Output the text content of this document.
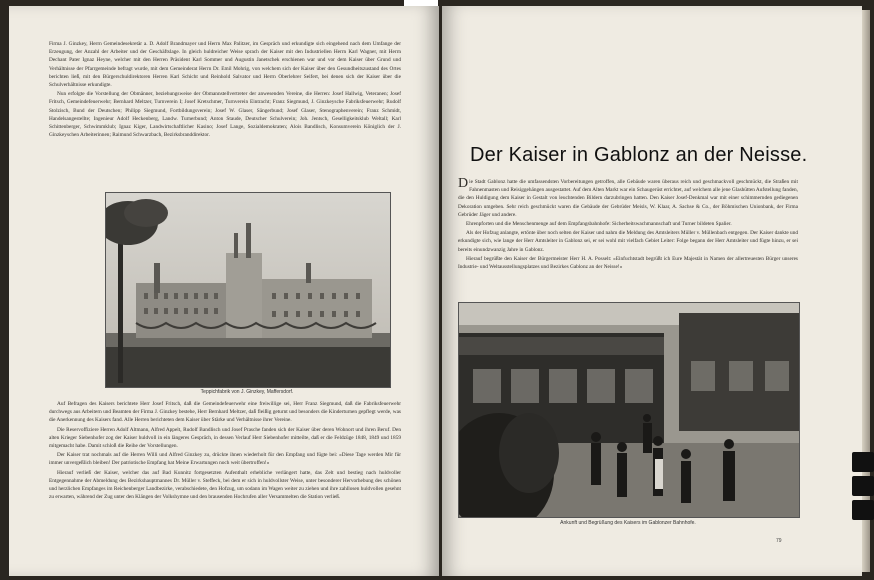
Firma J. Ginzkey, Herrn Gemeindesekretär a. D. Adolf Brandmayer und Herrn Max Palitzer, im Gespräch und erkundigte sich eingehend nach dem Umfange der Erzeugung, der Anzahl der Arbeiter und der Geschäftslage. In gleich huldreicher Weise sprach der Kaiser mit den Industriellen Herrn Karl Wagner, mit Herrn Dechant Pater Ignaz Heyne, welcher mit den Herren Präsident Karl Sommer und Augustin Janetschek erschienen war und vor dem Kaiser über Grund und Verhältnisse der Pfarrgemeinde befragt wurde, mit dem Gemeinderat Herrn Dr. Emil Mohrig, von welchem sich der Kaiser über den Gesundheitszustand des Ortes berichten ließ, mit den Bürgerschuldirektoren Herren Karl Schicht und Reinhold Salvator und Herrn Oberlehrer Seifert, bei denen sich der Kaiser über die Schulverhältnisse erkundigte.

Nun erfolgte die Vorstellung der Obmänner, beziehungsweise der Obmannstellvertreter der anwesenden Vereine, die Herren: Josef Hallwig, Veteranen; Josef Fritsch, Gemeindefeuerwehr; Bernhard Meltzer, Turnverein I; Josef Kretschmer, Turnverein Eintracht; Franz Siegmund, J. Ginzkeysche Fabriksfeuerwehr; Rudolf Stolzisch, Bund der Deutschen; Philipp Siegmund, Fortbildungsverein; Josef W. Glaser, Sängerbund; Josef Glaser, Stenographenverein; Franz Schmidt, Handelsangestellte; Ingenieur Adolf Heckenberg, Landw. Turnerbund; Anton Staude, Deutscher Schulverein; Joh. Jentsch, Geselligkeitsklub Weltall; Karl Schittenberger, Schwimmklub; Ignaz Kiger, Landwirtschaftlicher Kasino; Josef Lange, Sozialdemokraten; Alois Bandlisch, Konsumverein Königlich der J. Ginzkeyschen Arbeiterinnen; Raimund Schwarzbach, Bezirksbranddirektor.

Teppichfabrik von J. Ginzkey, Maffersdorf.

Auf Befragen des Kaisers berichtete Herr Josef Fritsch, daß die Gemeindefeuerwehr eine freiwillige sei, Herr Franz Siegmund, daß die Fabriksfeuerwehr durchwegs aus Arbeitern und Beamten der Firma J. Ginzkey bestehe, Herr Bernhard Meltzer, daß fleißig geturnt und besonders die Kinderturnen gepflegt werde, was die Anerkennung des Kaisers fand. Alle Herren berichteten dem Kaiser über Stärke und Verhältnisse ihrer Vereine.

Die Reservoffiziere Herren Adolf Altmann, Alfred Appelt, Rudolf Bandlisch und Josef Prasche fanden sich der Kaiser über deren Wohnort und ihren Beruf. Den alten Krieger Siebenhofer zog der Kaiser huldvoll in ein längeres Gespräch, in dessen Verlauf Herr Siebenhofer mitteilte, daß er die Feldzüge 1848, 1849 und 1859 mitgemacht habe. Damit schloß die Reihe der Vorstellungen.

Der Kaiser trat nochmals auf die Herren Willi und Alfred Ginzkey zu, drückte ihnen wiederholt für den Empfang und fügte bei: »Diese Tage werden Mir für immer unvergeßlich bleiben! Der patriotische Empfang hat Meine Erwartungen noch weit übertroffen!«

Hierauf verließ der Kaiser, welcher das auf Bad Kunnitz fortgesetzten Aufenthalt erhebliche verlängert hatte, das Zelt und bestieg nach huldvoller Entgegennahme der Abmeldung des Bezirkshauptmannes Dr. Müller v. Steffeck, bei dem er sich in huldvollster Weise, unter besonderer Hervorhebung des schönen und herzlichen Empfanges im Reichenberger Landbezirke, verabschiedete, den Hofzug, um sodann im Wagen weiter zu ziehen und ihre zahllosen huldvollen gesehnt zu erwarten, während der Zug unter den Klängen der Volkshymne und den brausenden Hochrufen aller Versammelten die Station verließ.

Der Kaiser in Gablonz an der Neisse.

Die Stadt Gablonz hatte die umfassendsten Vorbereitungen getroffen, alle Gebäude waren überaus reich und geschmackvoll geschmückt, die Straßen mit Fahnenmasten und Reisiggehängen ausgestattet. Auf dem Alten Markt war ein Schaugerüst errichtet, auf welchem alle jene Glashütten Aufstellung fanden, die den Huldigung dem Kaiser in Gestalt von leuchtenden Bildern darzubringen hatten. Den Kaiser Josef-Denkmal war mit einer schimmernden gediegenen Dekoration umgeben. Sehr reich geschmückt waren die Gebäude der Gebrüder Meisls, W. Klaar, A. Sachse & Co., der Böhmischen Unionbank, der Firma Gebrüder Jäger und andere.

Ehrenpforten und die Menschenmenge auf dem Empfangsbahnhofe: Sicherheitswachmannschaft und Turner bildeten Spalier.

Als der Hofzug anlangte, ertönte über noch selten der Kaiser und nahm die Meldung des Amtsleiters Müller v. Müllenbach entgegen. Der Kaiser dankte und erkundigte sich, wie lange der Herr Amtsleiter in Gablonz sei, er sei wohl mit vielfach Gebiet Leiter: Folge begann der Herr Amtsleiter und fügte hinzu, er sei bereits einundzwanzig Jahre in Gablonz.

Hierauf begrüßte den Kaiser der Bürgermeister Herr H. A. Posselt: »Einfuchtstadt begrüßt ich Eure Majestät in Namen der allertreuesten Bürger unseres Industrie- und Weltausstellungsplatzes und Bezirkes Gablonz an der Neisse!«

Ankunft und Begrüßung des Kaisers im Gablonzer Bahnhofe.
79
